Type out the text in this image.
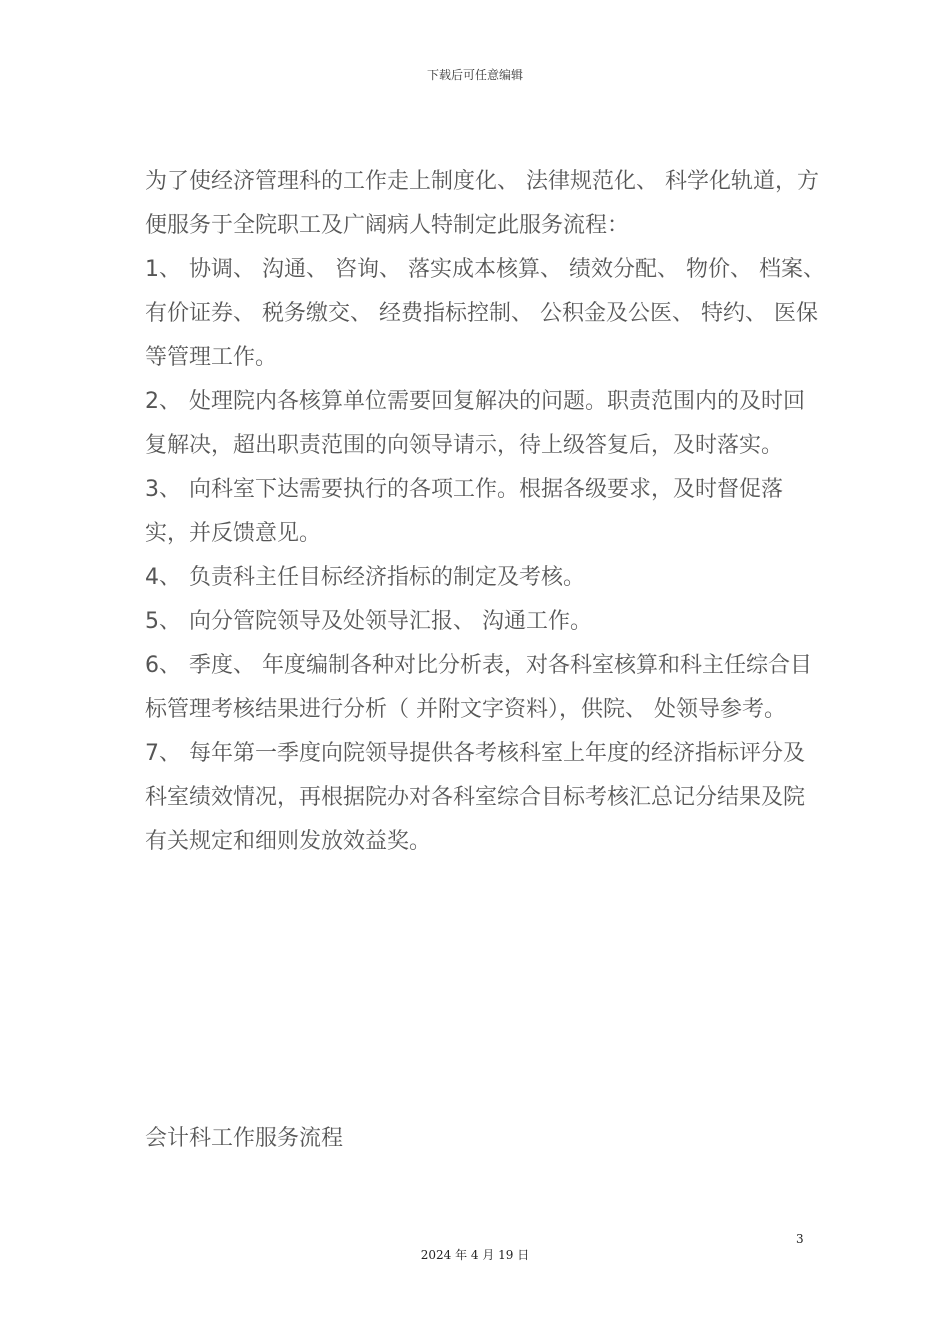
下载后可任意编辑

为了使经济管理科的工作走上制度化、 法律规范化、 科学化轨道，方便服务于全院职工及广阔病人特制定此服务流程：

1、 协调、 沟通、 咨询、 落实成本核算、 绩效分配、 物价、 档案、 有价证券、 税务缴交、 经费指标控制、 公积金及公医、 特约、 医保等管理工作。

2、 处理院内各核算单位需要回复解决的问题。职责范围内的及时回复解决，超出职责范围的向领导请示，待上级答复后，及时落实。

3、 向科室下达需要执行的各项工作。根据各级要求，及时督促落实，并反馈意见。

4、 负责科主任目标经济指标的制定及考核。

5、 向分管院领导及处领导汇报、 沟通工作。

6、 季度、 年度编制各种对比分析表，对各科室核算和科主任综合目标管理考核结果进行分析（ 并附文字资料），供院、 处领导参考。

7、 每年第一季度向院领导提供各考核科室上年度的经济指标评分及科室绩效情况，再根据院办对各科室综合目标考核汇总记分结果及院有关规定和细则发放效益奖。

会计科工作服务流程
3
2024 年 4 月 19 日
